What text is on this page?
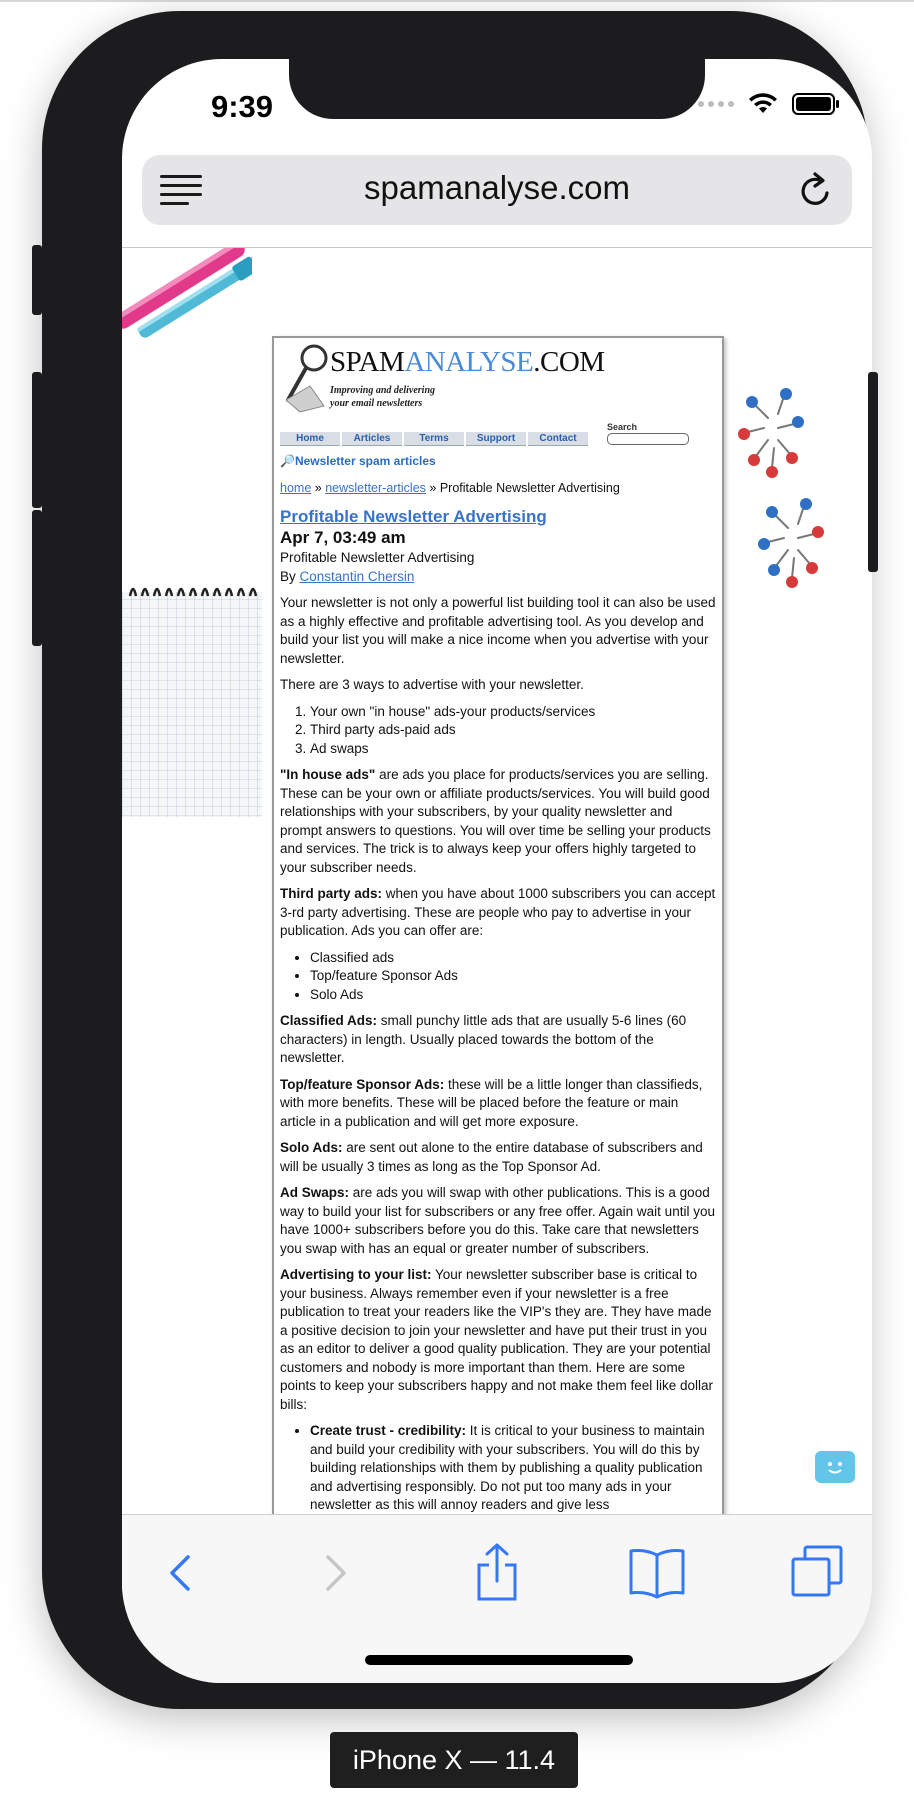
9:39
spamanalyse.com
SPAMANALYSE.COM
Improving and delivering
your email newsletters
Home	Articles	Terms	Support	Contact
Search
🔎Newsletter spam articles
home » newsletter-articles » Profitable Newsletter Advertising
Profitable Newsletter Advertising
Apr 7, 03:49 am
Profitable Newsletter Advertising
By Constantin Chersin

Your newsletter is not only a powerful list building tool it can also be used as a highly effective and profitable advertising tool. As you develop and build your list you will make a nice income when you advertise with your newsletter.

There are 3 ways to advertise with your newsletter.

1. Your own "in house" ads-your products/services
2. Third party ads-paid ads
3. Ad swaps

"In house ads" are ads you place for products/services you are selling. These can be your own or affiliate products/services. You will build good relationships with your subscribers, by your quality newsletter and prompt answers to questions. You will over time be selling your products and services. The trick is to always keep your offers highly targeted to your subscriber needs.

Third party ads: when you have about 1000 subscribers you can accept 3-rd party advertising. These are people who pay to advertise in your publication. Ads you can offer are:

• Classified ads
• Top/feature Sponsor Ads
• Solo Ads

Classified Ads: small punchy little ads that are usually 5-6 lines (60 characters) in length. Usually placed towards the bottom of the newsletter.

Top/feature Sponsor Ads: these will be a little longer than classifieds, with more benefits. These will be placed before the feature or main article in a publication and will get more exposure.

Solo Ads: are sent out alone to the entire database of subscribers and will be usually 3 times as long as the Top Sponsor Ad.

Ad Swaps: are ads you will swap with other publications. This is a good way to build your list for subscribers or any free offer. Again wait until you have 1000+ subscribers before you do this. Take care that newsletters you swap with has an equal or greater number of subscribers.

Advertising to your list: Your newsletter subscriber base is critical to your business. Always remember even if your newsletter is a free publication to treat your readers like the VIP's they are. They have made a positive decision to join your newsletter and have put their trust in you as an editor to deliver a good quality publication. They are your potential customers and nobody is more important than them. Here are some points to keep your subscribers happy and not make them feel like dollar bills:

• Create trust - credibility: It is critical to your business to maintain and build your credibility with your subscribers. You will do this by building relationships with them by publishing a quality publication and advertising responsibly. Do not put too many ads in your newsletter as this will annoy readers and give less
iPhone X — 11.4
